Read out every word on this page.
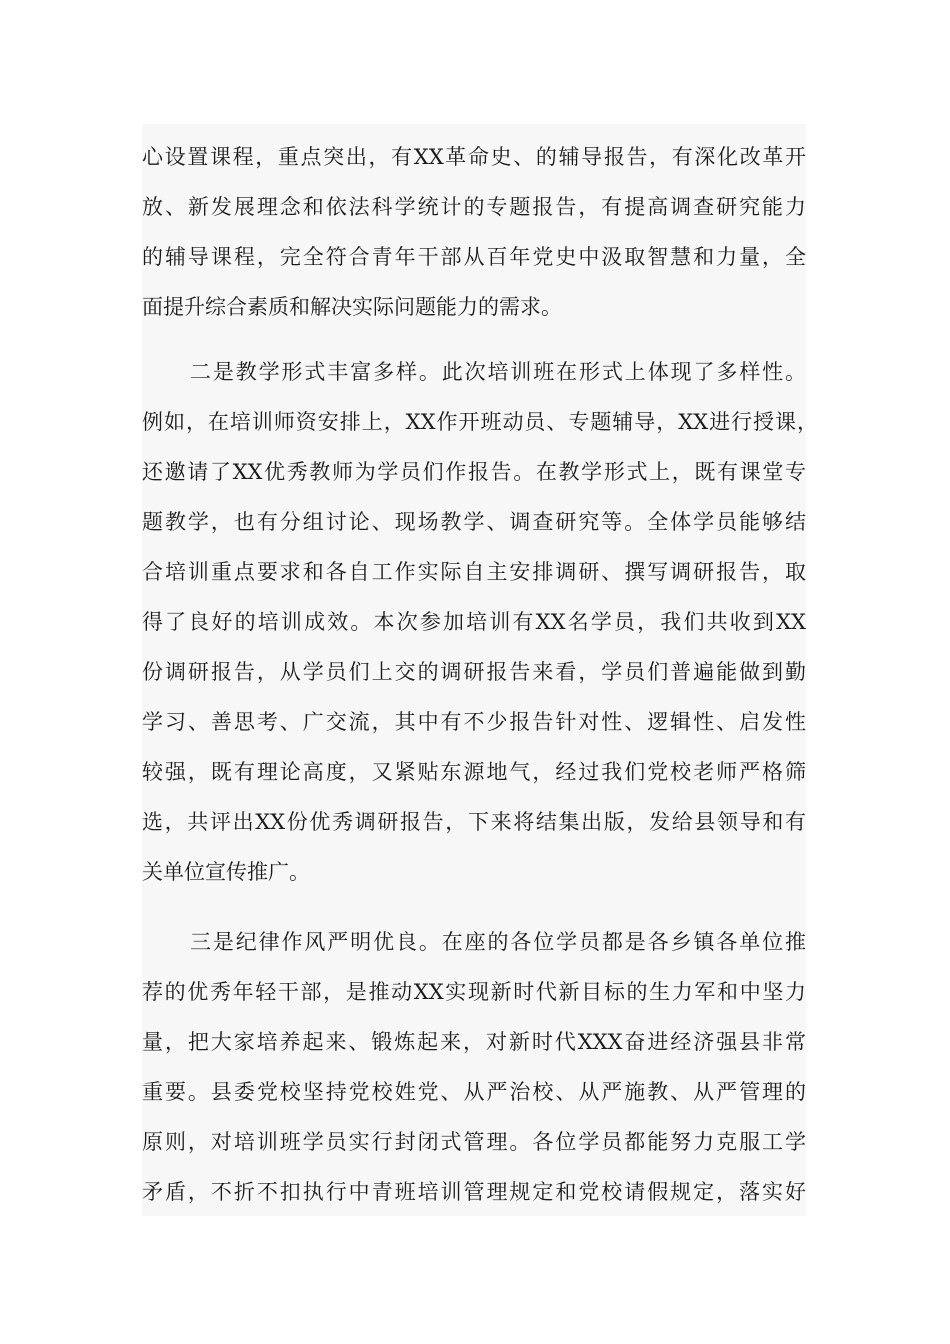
心设置课程，重点突出，有XX革命史、的辅导报告，有深化改革开
放、新发展理念和依法科学统计的专题报告，有提高调查研究能力
的辅导课程，完全符合青年干部从百年党史中汲取智慧和力量，全
面提升综合素质和解决实际问题能力的需求。
二是教学形式丰富多样。此次培训班在形式上体现了多样性。
例如，在培训师资安排上，XX作开班动员、专题辅导，XX进行授课，
还邀请了XX优秀教师为学员们作报告。在教学形式上，既有课堂专
题教学，也有分组讨论、现场教学、调查研究等。全体学员能够结
合培训重点要求和各自工作实际自主安排调研、撰写调研报告，取
得了良好的培训成效。本次参加培训有XX名学员，我们共收到XX
份调研报告，从学员们上交的调研报告来看，学员们普遍能做到勤
学习、善思考、广交流，其中有不少报告针对性、逻辑性、启发性
较强，既有理论高度，又紧贴东源地气，经过我们党校老师严格筛
选，共评出XX份优秀调研报告，下来将结集出版，发给县领导和有
关单位宣传推广。
三是纪律作风严明优良。在座的各位学员都是各乡镇各单位推
荐的优秀年轻干部，是推动XX实现新时代新目标的生力军和中坚力
量，把大家培养起来、锻炼起来，对新时代XXX奋进经济强县非常
重要。县委党校坚持党校姓党、从严治校、从严施教、从严管理的
原则，对培训班学员实行封闭式管理。各位学员都能努力克服工学
矛盾，不折不扣执行中青班培训管理规定和党校请假规定，落实好
